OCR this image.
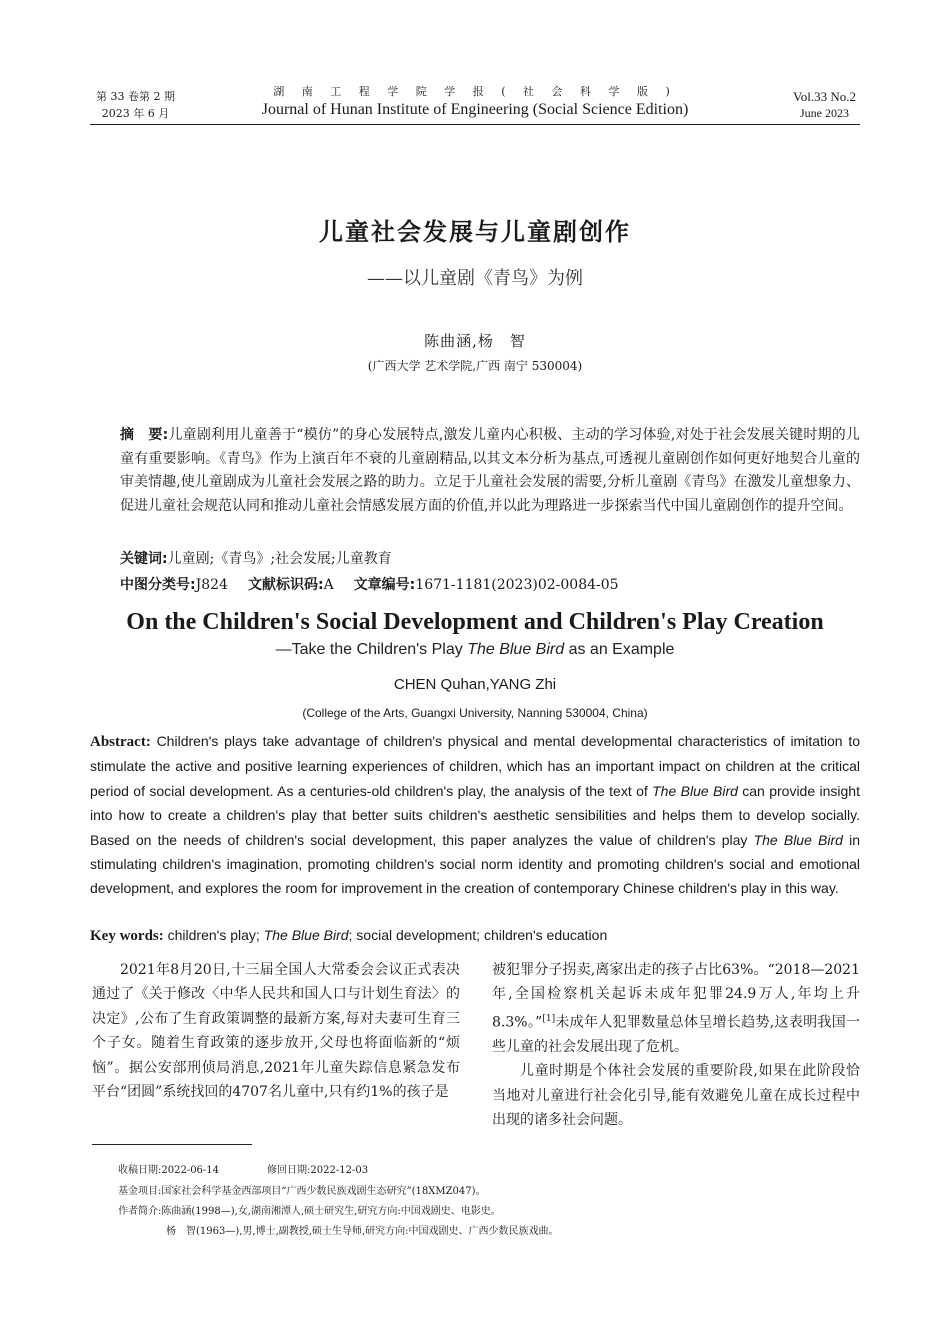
第 33 卷第 2 期
2023 年 6 月
湖 南 工 程 学 院 学 报 ( 社 会 科 学 版 )
Journal of Hunan Institute of Engineering (Social Science Edition)
Vol.33 No.2
June 2023
儿童社会发展与儿童剧创作
——以儿童剧《青鸟》为例
陈曲涵,杨　智
(广西大学 艺术学院,广西 南宁 530004)
摘　要:儿童剧利用儿童善于“模仿”的身心发展特点,激发儿童内心积极、主动的学习体验,对处于社会发展关键时期的儿童有重要影响。《青鸟》作为上演百年不衰的儿童剧精品,以其文本分析为基点,可透视儿童剧创作如何更好地契合儿童的审美情趣,使儿童剧成为儿童社会发展之路的助力。立足于儿童社会发展的需要,分析儿童剧《青鸟》在激发儿童想象力、促进儿童社会规范认同和推动儿童社会情感发展方面的价值,并以此为理路进一步探索当代中国儿童剧创作的提升空间。
关键词:儿童剧;《青鸟》;社会发展;儿童教育
中图分类号:J824 文献标识码:A 文章编号:1671-1181(2023)02-0084-05
On the Children's Social Development and Children's Play Creation
—Take the Children's Play The Blue Bird as an Example
CHEN Quhan,YANG Zhi
(College of the Arts, Guangxi University, Nanning 530004, China)
Abstract: Children's plays take advantage of children's physical and mental developmental characteristics of imitation to stimulate the active and positive learning experiences of children, which has an important impact on children at the critical period of social development. As a centuries-old children's play, the analysis of the text of The Blue Bird can provide insight into how to create a children's play that better suits children's aesthetic sensibilities and helps them to develop socially. Based on the needs of children's social development, this paper analyzes the value of children's play The Blue Bird in stimulating children's imagination, promoting children's social norm identity and promoting children's social and emotional development, and explores the room for improvement in the creation of contemporary Chinese children's play in this way.
Key words: children's play; The Blue Bird; social development; children's education

2021年8月20日,十三届全国人大常委会会议正式表决通过了《关于修改〈中华人民共和国人口与计划生育法〉的决定》,公布了生育政策调整的最新方案,每对夫妻可生育三个子女。随着生育政策的逐步放开,父母也将面临新的“烦恼”。据公安部刑侦局消息,2021年儿童失踪信息紧急发布平台“团圆”系统找回的4707名儿童中,只有约1%的孩子是

被犯罪分子拐卖,离家出走的孩子占比63%。“2018—2021年,全国检察机关起诉未成年犯罪24.9万人,年均上升8.3%。”[1]未成年人犯罪数量总体呈增长趋势,这表明我国一些儿童的社会发展出现了危机。

儿童时期是个体社会发展的重要阶段,如果在此阶段恰当地对儿童进行社会化引导,能有效避免儿童在成长过程中出现的诸多社会问题。

收稿日期:2022-06-14	修回日期:2022-12-03
基金项目:国家社会科学基金西部项目“广西少数民族戏剧生态研究”(18XMZ047)。
作者简介:陈曲涵(1998—),女,湖南湘潭人,硕士研究生,研究方向:中国戏剧史、电影史。
杨　智(1963—),男,博士,副教授,硕士生导师,研究方向:中国戏剧史、广西少数民族戏曲。
